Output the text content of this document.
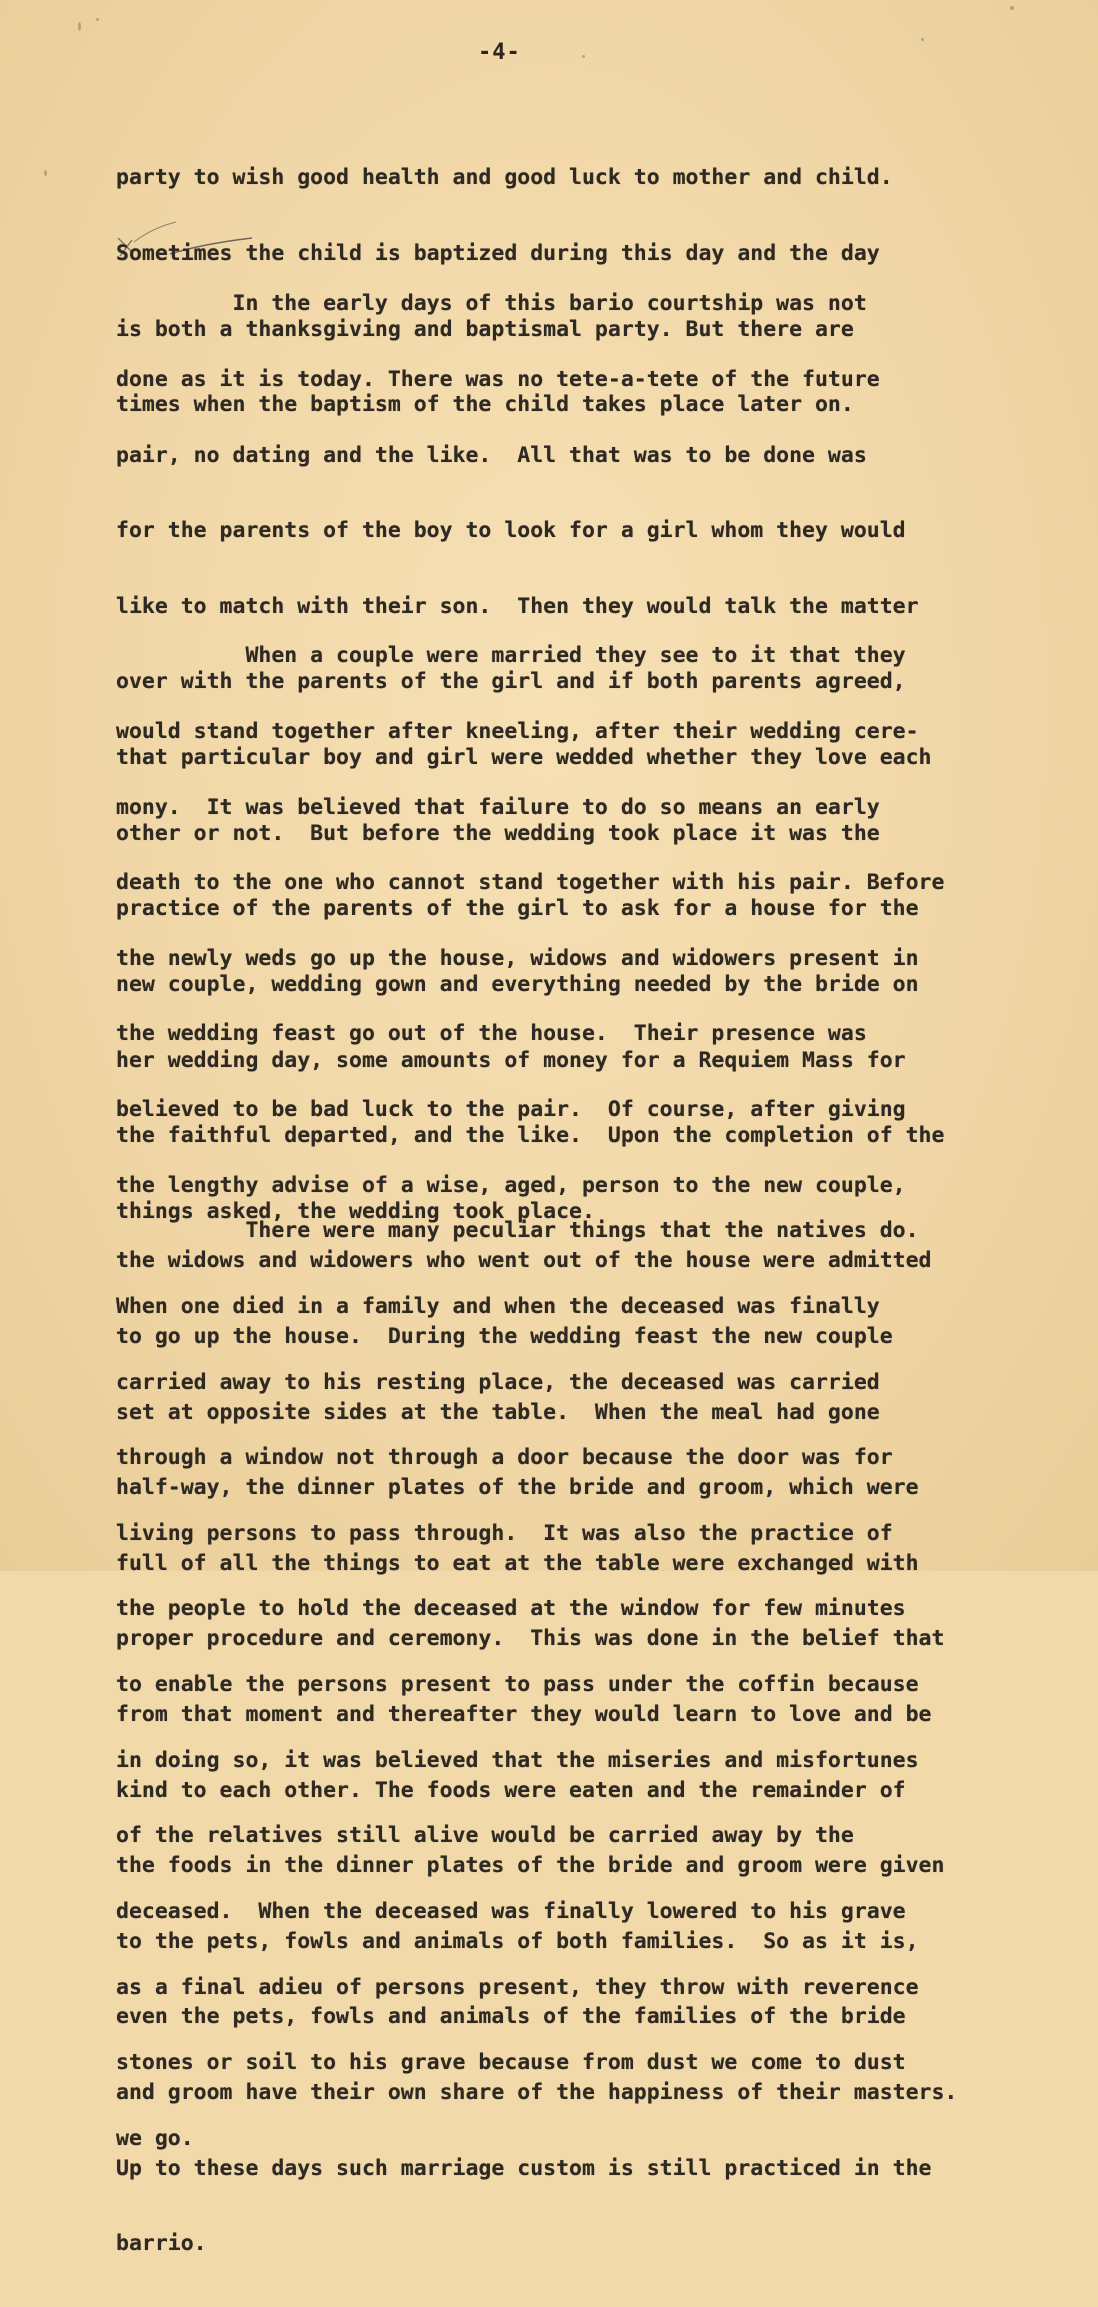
-4-

party to wish good health and good luck to mother and child.

Sometimes the child is baptized during this day and the day

is both a thanksgiving and baptismal party. But there are

times when the baptism of the child takes place later on.

In the early days of this bario courtship was not

done as it is today. There was no tete-a-tete of the future

pair, no dating and the like.  All that was to be done was

for the parents of the boy to look for a girl whom they would

like to match with their son.  Then they would talk the matter

over with the parents of the girl and if both parents agreed,

that particular boy and girl were wedded whether they love each

other or not.  But before the wedding took place it was the

practice of the parents of the girl to ask for a house for the

new couple, wedding gown and everything needed by the bride on

her wedding day, some amounts of money for a Requiem Mass for

the faithful departed, and the like.  Upon the completion of the

things asked, the wedding took place.

When a couple were married they see to it that they

would stand together after kneeling, after their wedding cere-

mony.  It was believed that failure to do so means an early

death to the one who cannot stand together with his pair. Before

the newly weds go up the house, widows and widowers present in

the wedding feast go out of the house.  Their presence was

believed to be bad luck to the pair.  Of course, after giving

the lengthy advise of a wise, aged, person to the new couple,

the widows and widowers who went out of the house were admitted

to go up the house.  During the wedding feast the new couple

set at opposite sides at the table.  When the meal had gone

half-way, the dinner plates of the bride and groom, which were

full of all the things to eat at the table were exchanged with

proper procedure and ceremony.  This was done in the belief that

from that moment and thereafter they would learn to love and be

kind to each other. The foods were eaten and the remainder of

the foods in the dinner plates of the bride and groom were given

to the pets, fowls and animals of both families.  So as it is,

even the pets, fowls and animals of the families of the bride

and groom have their own share of the happiness of their masters.

Up to these days such marriage custom is still practiced in the

barrio.

There were many peculiar things that the natives do.

When one died in a family and when the deceased was finally

carried away to his resting place, the deceased was carried

through a window not through a door because the door was for

living persons to pass through.  It was also the practice of

the people to hold the deceased at the window for few minutes

to enable the persons present to pass under the coffin because

in doing so, it was believed that the miseries and misfortunes

of the relatives still alive would be carried away by the

deceased.  When the deceased was finally lowered to his grave

as a final adieu of persons present, they throw with reverence

stones or soil to his grave because from dust we come to dust

we go.
